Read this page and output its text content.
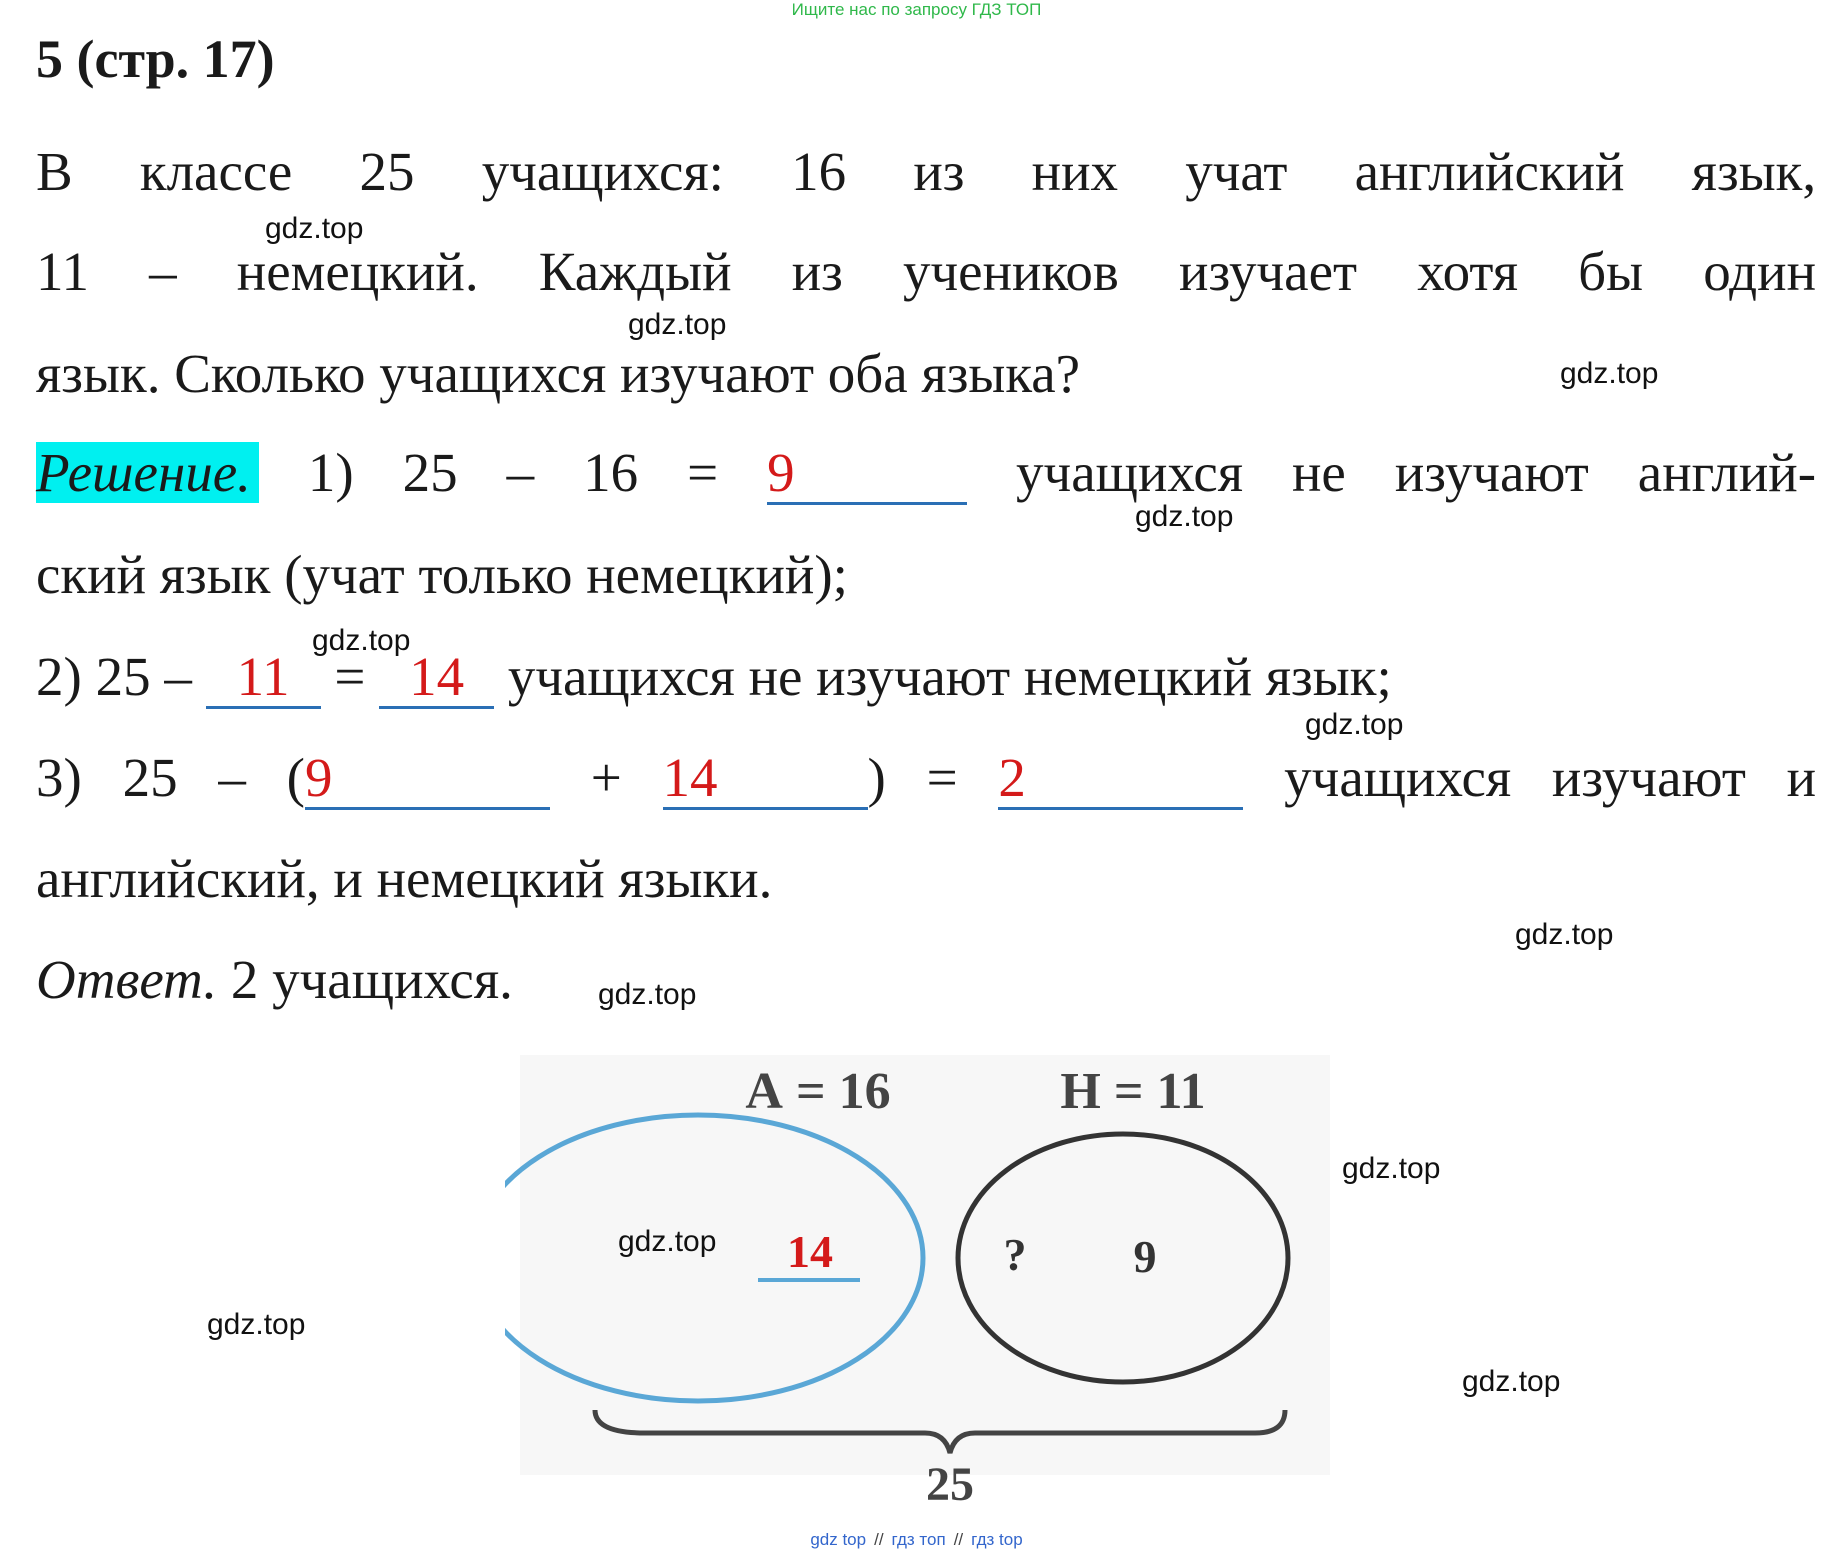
Ищите нас по запросу ГДЗ ТОП
5 (стр. 17)
В классе 25 учащихся: 16 из них учат английский язык,
11 – немецкий. Каждый из учеников изучает хотя бы один
язык. Сколько учащихся изучают оба языка?
Решение. 1) 25 – 16 = 9	учащихся не изучают англий-
ский язык (учат только немецкий);
2) 25 – 11 = 14 учащихся не изучают немецкий язык;
3) 25 – (9	+ 14	) = 2	учащихся изучают и
английский, и немецкий языки.
Ответ. 2 учащихся.
А = 16	Н = 11
14	? 9
25
gdz.top
gdz.top
gdz.top
gdz.top
gdz.top
gdz.top
gdz.top
gdz.top
gdz.top
gdz.top
gdz.top
gdz.top
gdz top // гдз топ // гдз top
